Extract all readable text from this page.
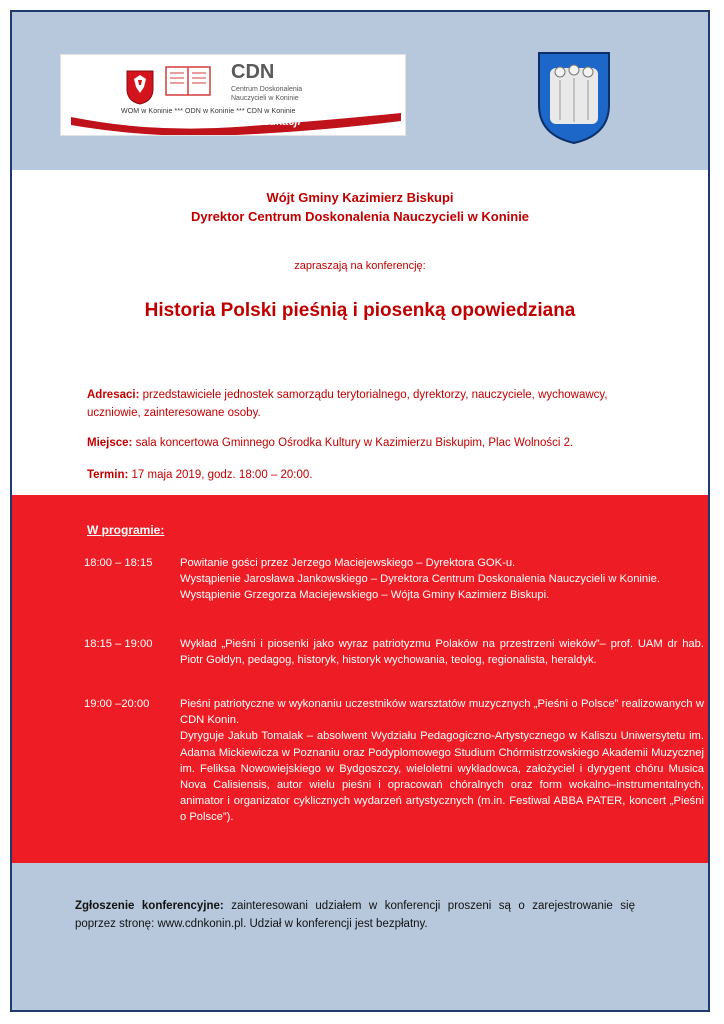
CDN
Centrum Doskonalenia Nauczycieli w Koninie
WOM w Koninie *** ODN w Koninie *** CDN w Koninie
30 lat na rzecz edukacji
Wójt Gminy Kazimierz Biskupi
Dyrektor Centrum Doskonalenia Nauczycieli w Koninie
zapraszają na konferencję:
Historia Polski pieśnią i piosenką opowiedziana
Adresaci: przedstawiciele jednostek samorządu terytorialnego, dyrektorzy, nauczyciele, wychowawcy, uczniowie, zainteresowane osoby.
Miejsce: sala koncertowa Gminnego Ośrodka Kultury w Kazimierzu Biskupim, Plac Wolności 2.
Termin: 17 maja 2019, godz. 18:00 – 20:00.
W programie:
18:00 – 18:15	Powitanie gości przez Jerzego Maciejewskiego – Dyrektora GOK-u.
Wystąpienie Jarosława Jankowskiego – Dyrektora Centrum Doskonalenia Nauczycieli w Koninie.
Wystąpienie Grzegorza Maciejewskiego – Wójta Gminy Kazimierz Biskupi.
18:15 – 19:00	Wykład „Pieśni i piosenki jako wyraz patriotyzmu Polaków na przestrzeni wieków”– prof. UAM dr hab. Piotr Gołdyn, pedagog, historyk, historyk wychowania, teolog, regionalista, heraldyk.
19:00 –20:00	Pieśni patriotyczne w wykonaniu uczestników warsztatów muzycznych „Pieśni o Polsce” realizowanych w CDN Konin.
Dyryguje Jakub Tomalak – absolwent Wydziału Pedagogiczno-Artystycznego w Kaliszu Uniwersytetu im. Adama Mickiewicza w Poznaniu oraz Podyplomowego Studium Chórmistrzowskiego Akademii Muzycznej im. Feliksa Nowowiejskiego w Bydgoszczy, wieloletni wykładowca, założyciel i dyrygent chóru Musica Nova Calisiensis, autor wielu pieśni i opracowań chóralnych oraz form wokalno–instrumentalnych, animator i organizator cyklicznych wydarzeń artystycznych (m.in. Festiwal ABBA PATER, koncert „Pieśni o Polsce”).
Zgłoszenie konferencyjne: zainteresowani udziałem w konferencji proszeni są o zarejestrowanie się poprzez stronę: www.cdnkonin.pl. Udział w konferencji jest bezpłatny.
